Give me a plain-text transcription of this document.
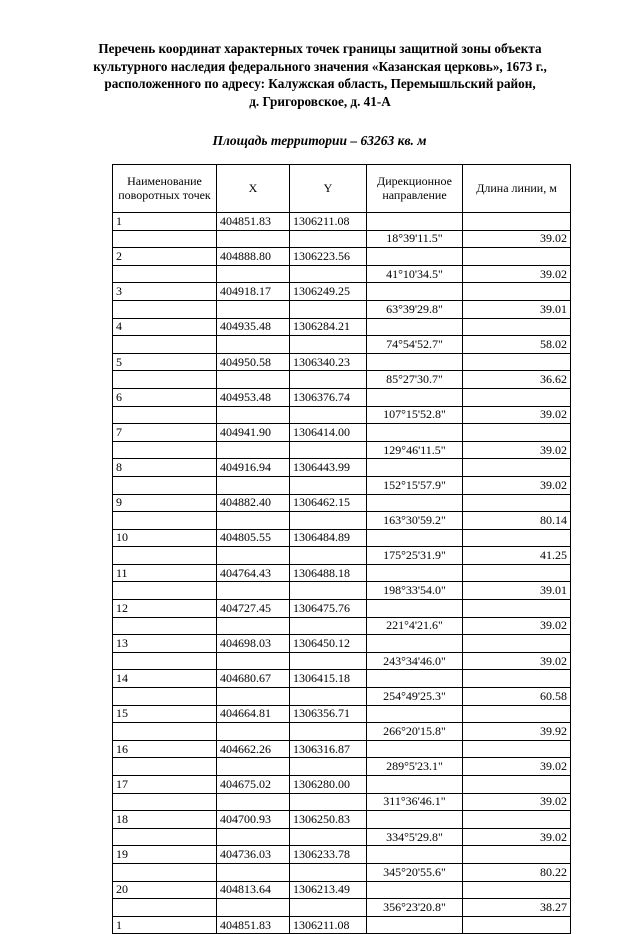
Перечень координат характерных точек границы защитной зоны объекта
культурного наследия федерального значения «Казанская церковь», 1673 г.,
расположенного по адресу: Калужская область, Перемышльский район,
д. Григоровское, д. 41-А
Площадь территории – 63263 кв. м
Наименование поворотных точек	X	Y	Дирекционное направление	Длина линии, м
1	404851.83	1306211.08		
			18°39'11.5"	39.02
2	404888.80	1306223.56		
			41°10'34.5"	39.02
3	404918.17	1306249.25		
			63°39'29.8"	39.01
4	404935.48	1306284.21		
			74°54'52.7"	58.02
5	404950.58	1306340.23		
			85°27'30.7"	36.62
6	404953.48	1306376.74		
			107°15'52.8"	39.02
7	404941.90	1306414.00		
			129°46'11.5"	39.02
8	404916.94	1306443.99		
			152°15'57.9"	39.02
9	404882.40	1306462.15		
			163°30'59.2"	80.14
10	404805.55	1306484.89		
			175°25'31.9"	41.25
11	404764.43	1306488.18		
			198°33'54.0"	39.01
12	404727.45	1306475.76		
			221°4'21.6"	39.02
13	404698.03	1306450.12		
			243°34'46.0"	39.02
14	404680.67	1306415.18		
			254°49'25.3"	60.58
15	404664.81	1306356.71		
			266°20'15.8"	39.92
16	404662.26	1306316.87		
			289°5'23.1"	39.02
17	404675.02	1306280.00		
			311°36'46.1"	39.02
18	404700.93	1306250.83		
			334°5'29.8"	39.02
19	404736.03	1306233.78		
			345°20'55.6"	80.22
20	404813.64	1306213.49		
			356°23'20.8"	38.27
1	404851.83	1306211.08		
